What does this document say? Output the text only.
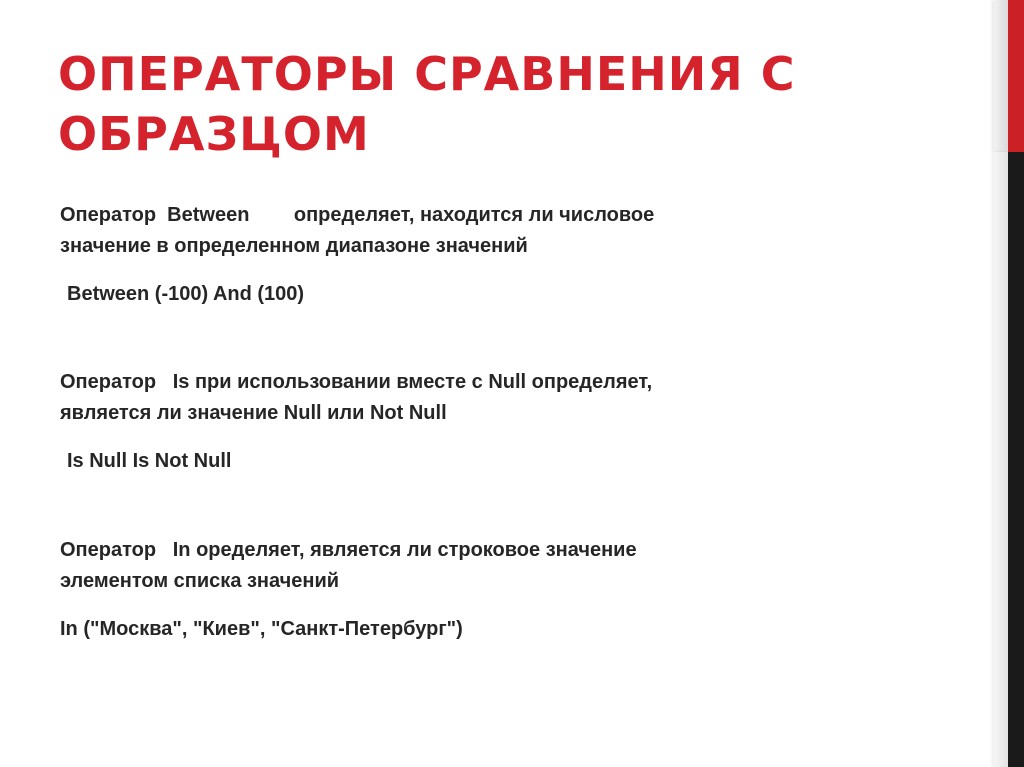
ОПЕРАТОРЫ СРАВНЕНИЯ С
ОБРАЗЦОМ
Оператор  Between        определяет, находится ли числовое
значение в определенном диапазоне значений
Between (-100) And (100)
Оператор   Is при использовании вместе с Null определяет,
является ли значение Null или Not Null
Is Null Is Not Null
Оператор   In оределяет, является ли строковое значение
элементом списка значений
In ("Москва", "Киев", "Санкт-Петербург")
